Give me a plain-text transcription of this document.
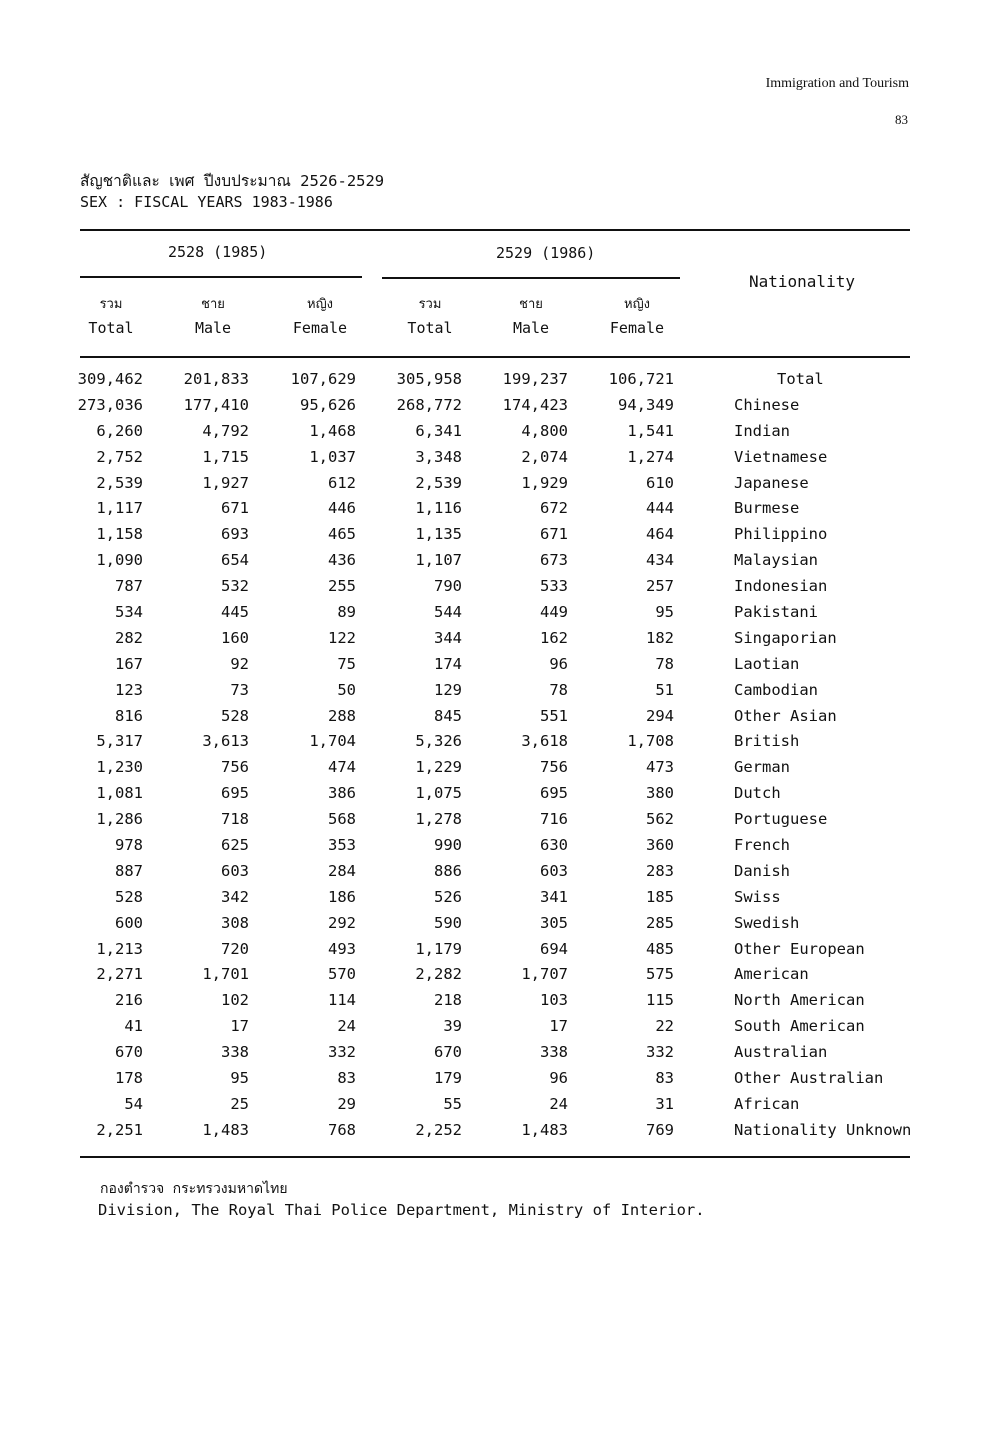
Immigration and Tourism
83
สัญชาติและ เพศ ปีงบประมาณ 2526-2529
SEX : FISCAL YEARS 1983-1986
2528 (1985)	2529 (1986)
Nationality
รวม
Total
ชาย
Male
หญิง
Female
รวม
Total
ชาย
Male
หญิง
Female
309,462	201,833	107,629	305,958	199,237	106,721	Total
273,036	177,410	95,626	268,772	174,423	94,349	Chinese
6,260	4,792	1,468	6,341	4,800	1,541	Indian
2,752	1,715	1,037	3,348	2,074	1,274	Vietnamese
2,539	1,927	612	2,539	1,929	610	Japanese
1,117	671	446	1,116	672	444	Burmese
1,158	693	465	1,135	671	464	Philippino
1,090	654	436	1,107	673	434	Malaysian
787	532	255	790	533	257	Indonesian
534	445	89	544	449	95	Pakistani
282	160	122	344	162	182	Singaporian
167	92	75	174	96	78	Laotian
123	73	50	129	78	51	Cambodian
816	528	288	845	551	294	Other Asian
5,317	3,613	1,704	5,326	3,618	1,708	British
1,230	756	474	1,229	756	473	German
1,081	695	386	1,075	695	380	Dutch
1,286	718	568	1,278	716	562	Portuguese
978	625	353	990	630	360	French
887	603	284	886	603	283	Danish
528	342	186	526	341	185	Swiss
600	308	292	590	305	285	Swedish
1,213	720	493	1,179	694	485	Other European
2,271	1,701	570	2,282	1,707	575	American
216	102	114	218	103	115	North American
41	17	24	39	17	22	South American
670	338	332	670	338	332	Australian
178	95	83	179	96	83	Other Australian
54	25	29	55	24	31	African
2,251	1,483	768	2,252	1,483	769	Nationality Unknown
กองตำรวจ กระทรวงมหาดไทย
Division, The Royal Thai Police Department, Ministry of Interior.
